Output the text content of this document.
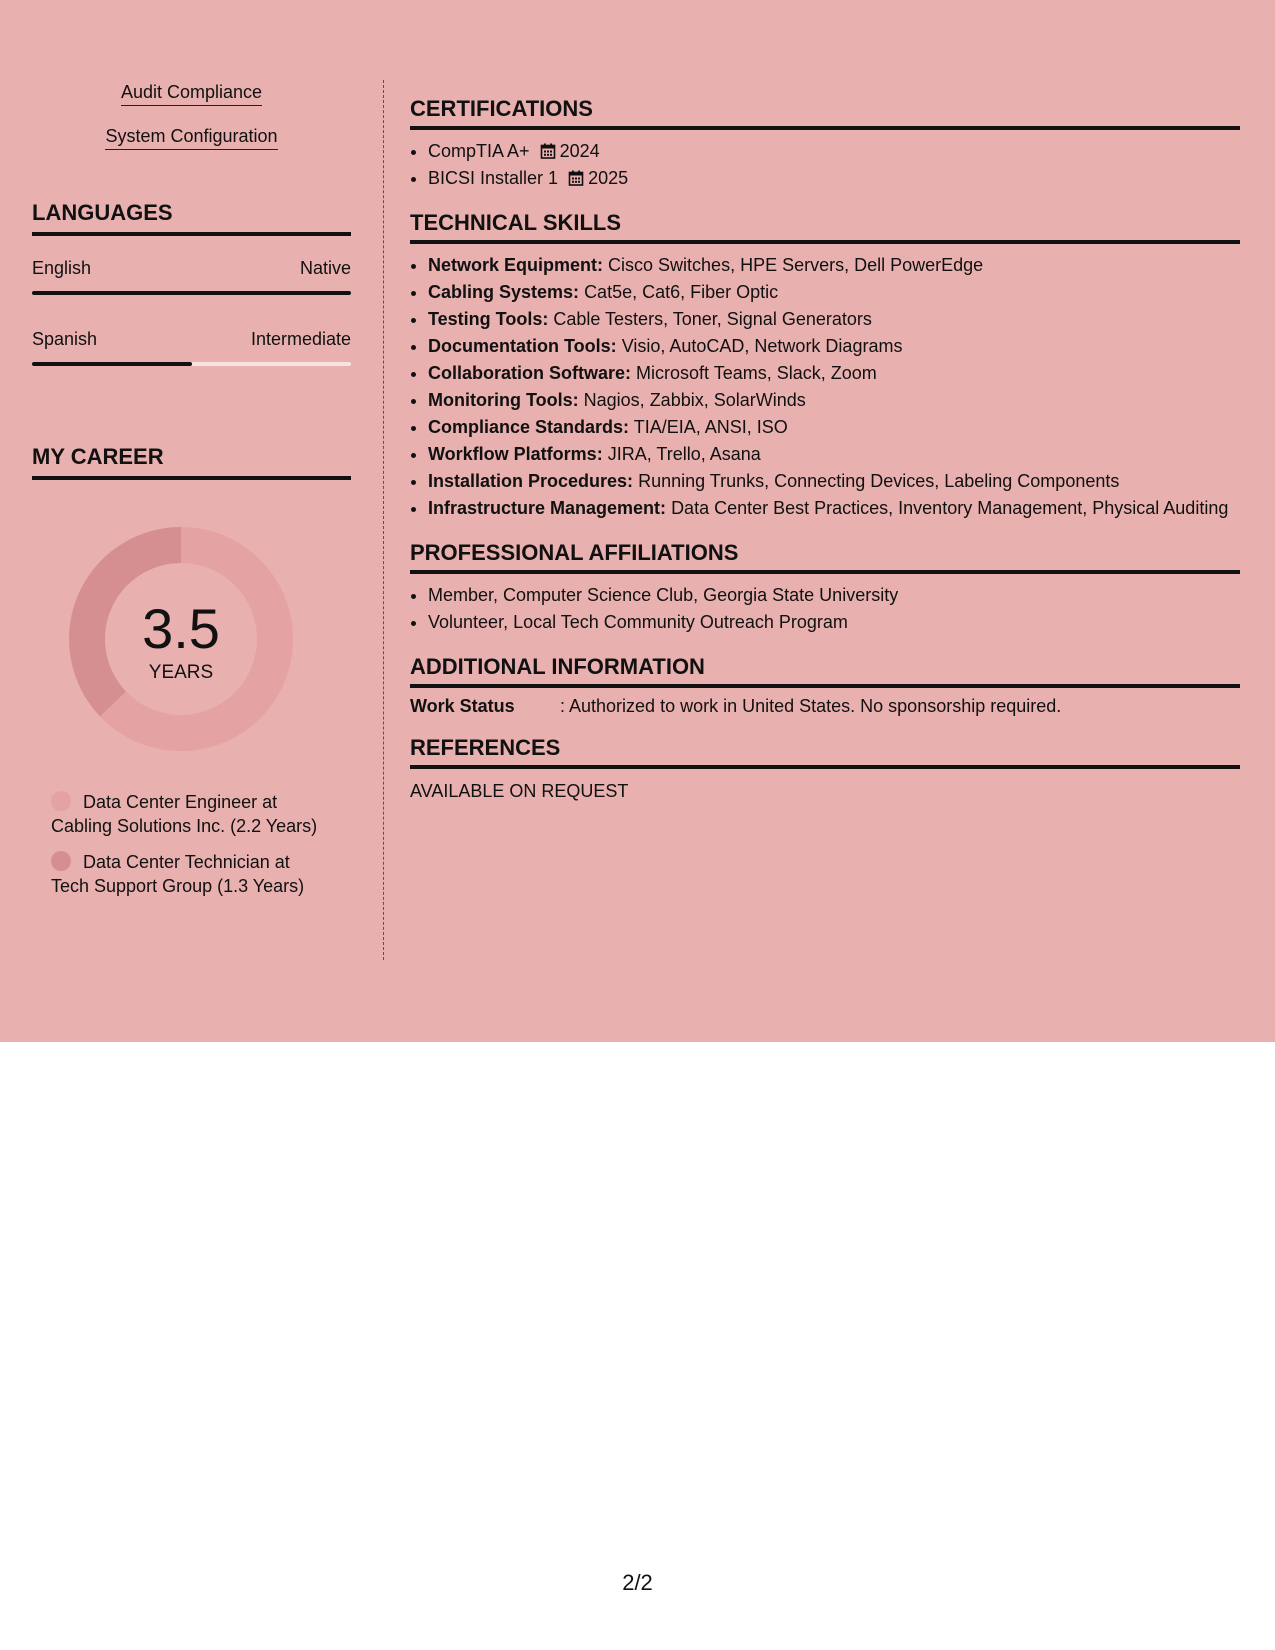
Audit Compliance
System Configuration
LANGUAGES
English	Native
Spanish	Intermediate
MY CAREER
3.5
YEARS
Data Center Engineer at Cabling Solutions Inc. (2.2 Years)
Data Center Technician at Tech Support Group (1.3 Years)
CERTIFICATIONS
• CompTIA A+ 2024
• BICSI Installer 1 2025
TECHNICAL SKILLS
• Network Equipment: Cisco Switches, HPE Servers, Dell PowerEdge
• Cabling Systems: Cat5e, Cat6, Fiber Optic
• Testing Tools: Cable Testers, Toner, Signal Generators
• Documentation Tools: Visio, AutoCAD, Network Diagrams
• Collaboration Software: Microsoft Teams, Slack, Zoom
• Monitoring Tools: Nagios, Zabbix, SolarWinds
• Compliance Standards: TIA/EIA, ANSI, ISO
• Workflow Platforms: JIRA, Trello, Asana
• Installation Procedures: Running Trunks, Connecting Devices, Labeling Components
• Infrastructure Management: Data Center Best Practices, Inventory Management, Physical Auditing
PROFESSIONAL AFFILIATIONS
• Member, Computer Science Club, Georgia State University
• Volunteer, Local Tech Community Outreach Program
ADDITIONAL INFORMATION
Work Status	: Authorized to work in United States. No sponsorship required.
REFERENCES
AVAILABLE ON REQUEST
2/2
